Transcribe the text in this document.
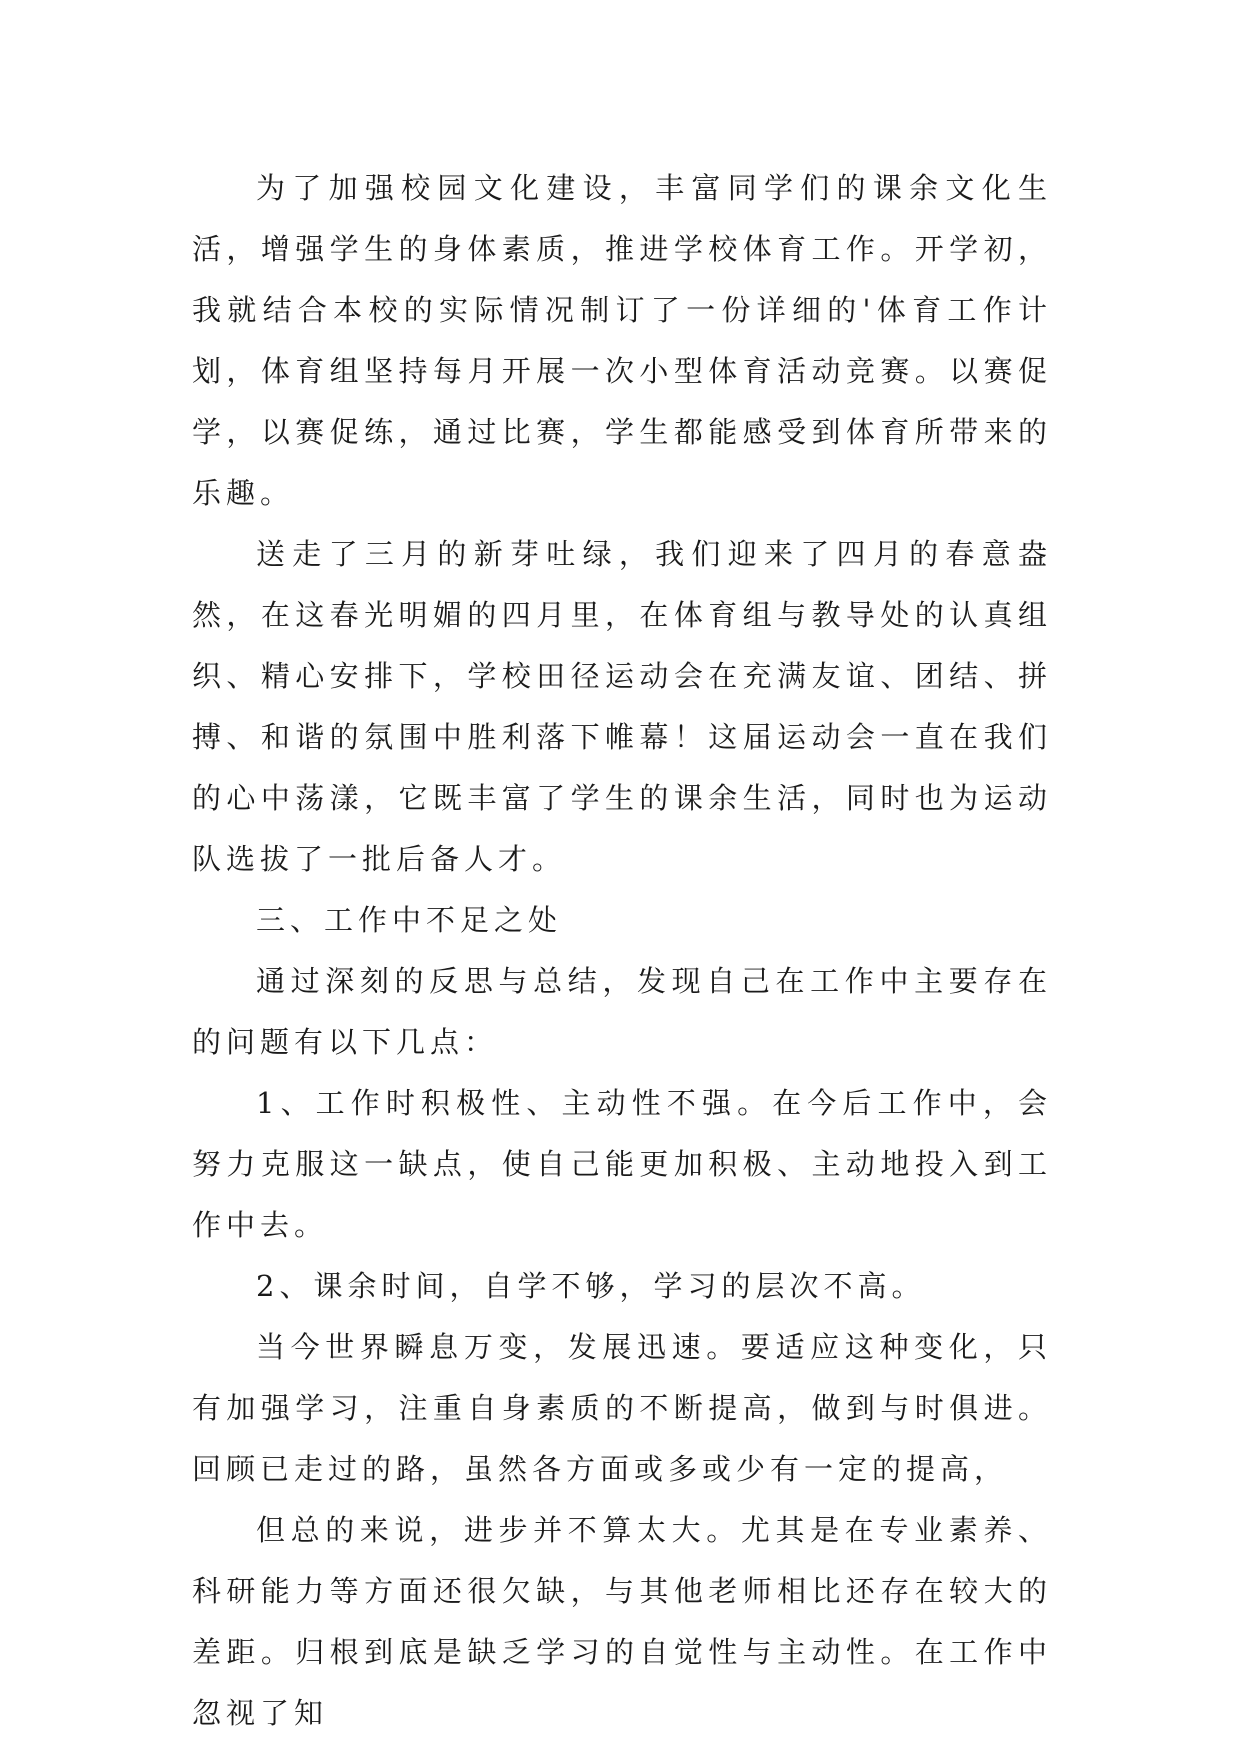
为了加强校园文化建设，丰富同学们的课余文化生活，增强学生的身体素质，推进学校体育工作。开学初，我就结合本校的实际情况制订了一份详细的'体育工作计划，体育组坚持每月开展一次小型体育活动竞赛。以赛促学，以赛促练，通过比赛，学生都能感受到体育所带来的乐趣。

送走了三月的新芽吐绿，我们迎来了四月的春意盎然，在这春光明媚的四月里，在体育组与教导处的认真组织、精心安排下，学校田径运动会在充满友谊、团结、拼搏、和谐的氛围中胜利落下帷幕！这届运动会一直在我们的心中荡漾，它既丰富了学生的课余生活，同时也为运动队选拔了一批后备人才。

三、工作中不足之处

通过深刻的反思与总结，发现自己在工作中主要存在的问题有以下几点：

1、工作时积极性、主动性不强。在今后工作中，会努力克服这一缺点，使自己能更加积极、主动地投入到工作中去。

2、课余时间，自学不够，学习的层次不高。

当今世界瞬息万变，发展迅速。要适应这种变化，只有加强学习，注重自身素质的不断提高，做到与时俱进。回顾已走过的路，虽然各方面或多或少有一定的提高，

但总的来说，进步并不算太大。尤其是在专业素养、科研能力等方面还很欠缺，与其他老师相比还存在较大的差距。归根到底是缺乏学习的自觉性与主动性。在工作中忽视了知
